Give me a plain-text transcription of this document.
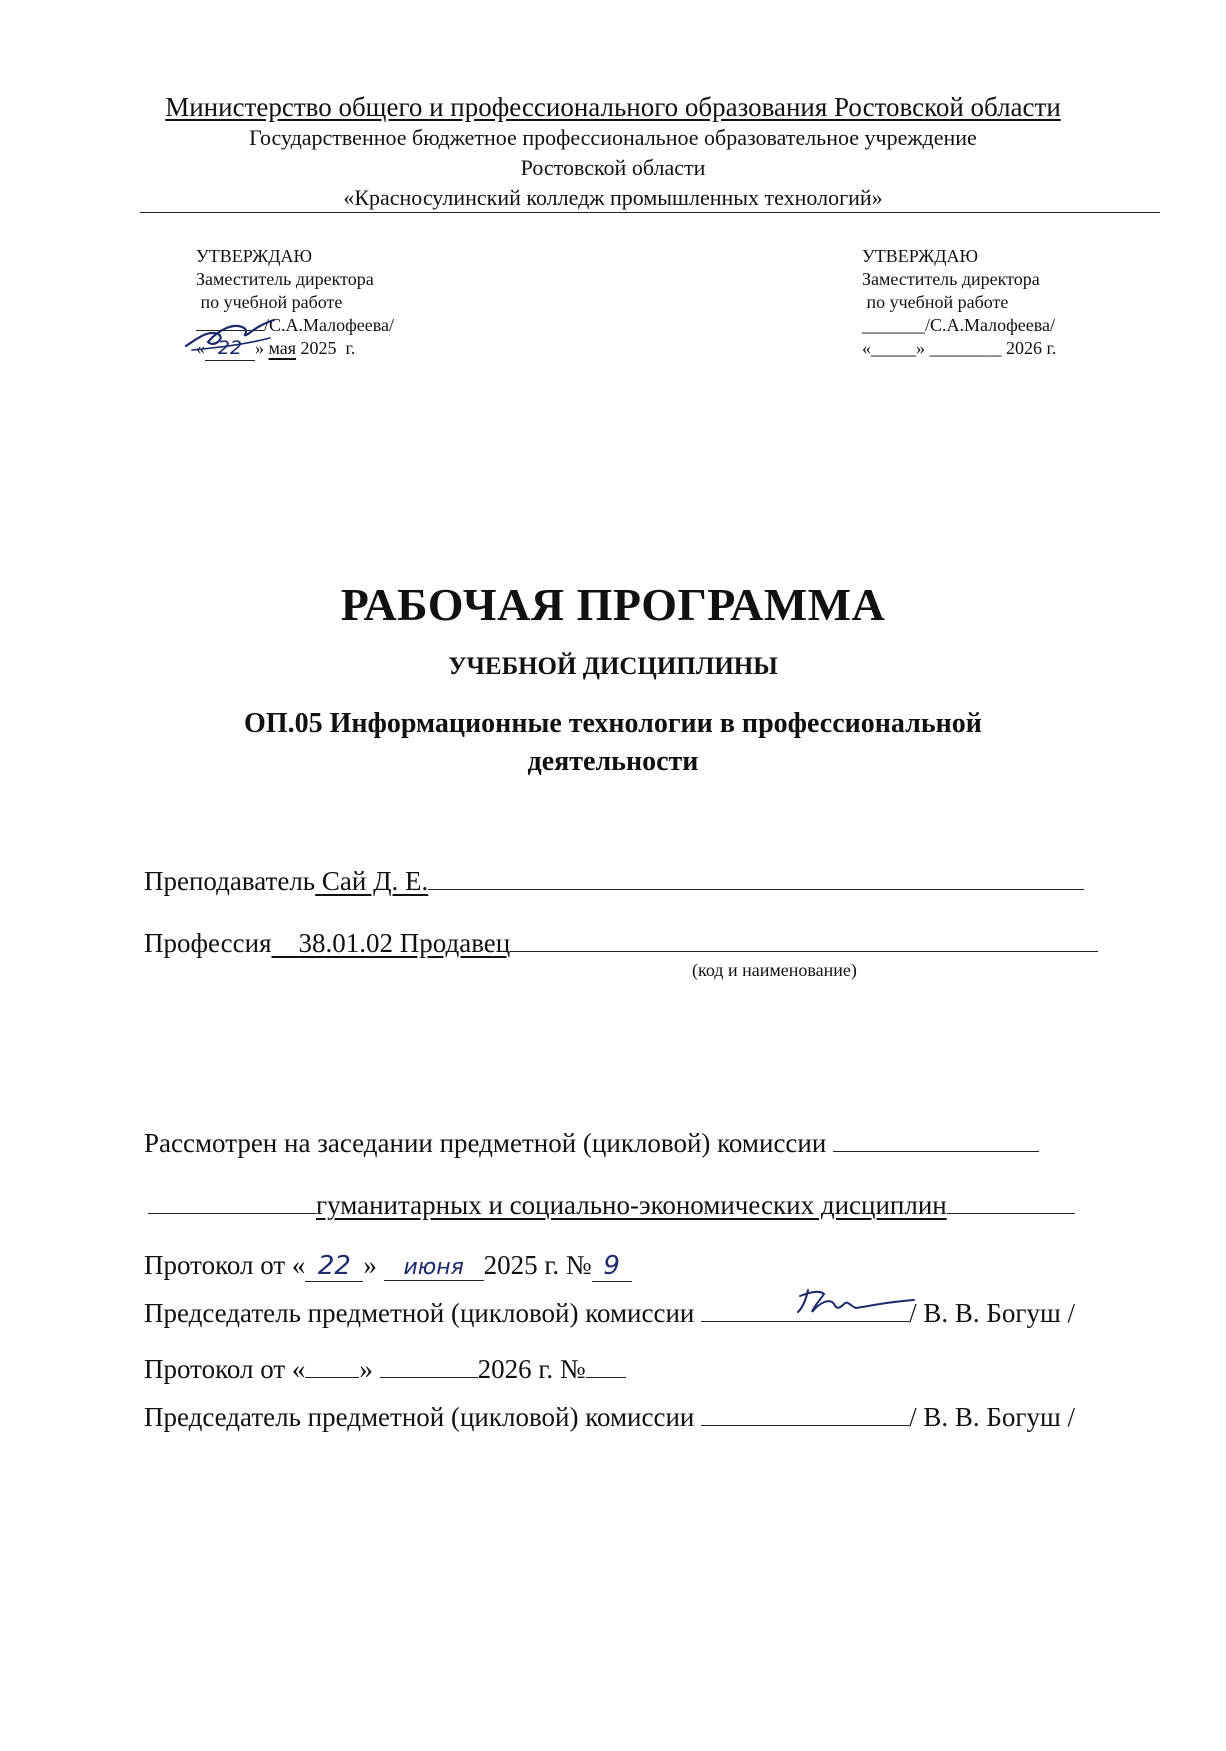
Министерство общего и профессионального образования Ростовской области
Государственное бюджетное профессиональное образовательное учреждение
Ростовской области
«Красносулинский колледж промышленных технологий»
УТВЕРЖДАЮ
Заместитель директора
по учебной работе
/С.А.Малофеева/
« 22 » мая 2025 г.
УТВЕРЖДАЮ
Заместитель директора
по учебной работе
_______/С.А.Малофеева/
«_____» ________ 2026 г.
РАБОЧАЯ ПРОГРАММА
УЧЕБНОЙ ДИСЦИПЛИНЫ
ОП.05 Информационные технологии в профессиональной
деятельности
Преподаватель Сай Д. Е.
Профессия 38.01.02 Продавец
(код и наименование)
Рассмотрен на заседании предметной (цикловой) комиссии
гуманитарных и социально-экономических дисциплин
Протокол от « 22 » июня 2025 г. № 9
Председатель предметной (цикловой) комиссии	/ В. В. Богуш /
Протокол от « »	2026 г. №
Председатель предметной (цикловой) комиссии	/ В. В. Богуш /
